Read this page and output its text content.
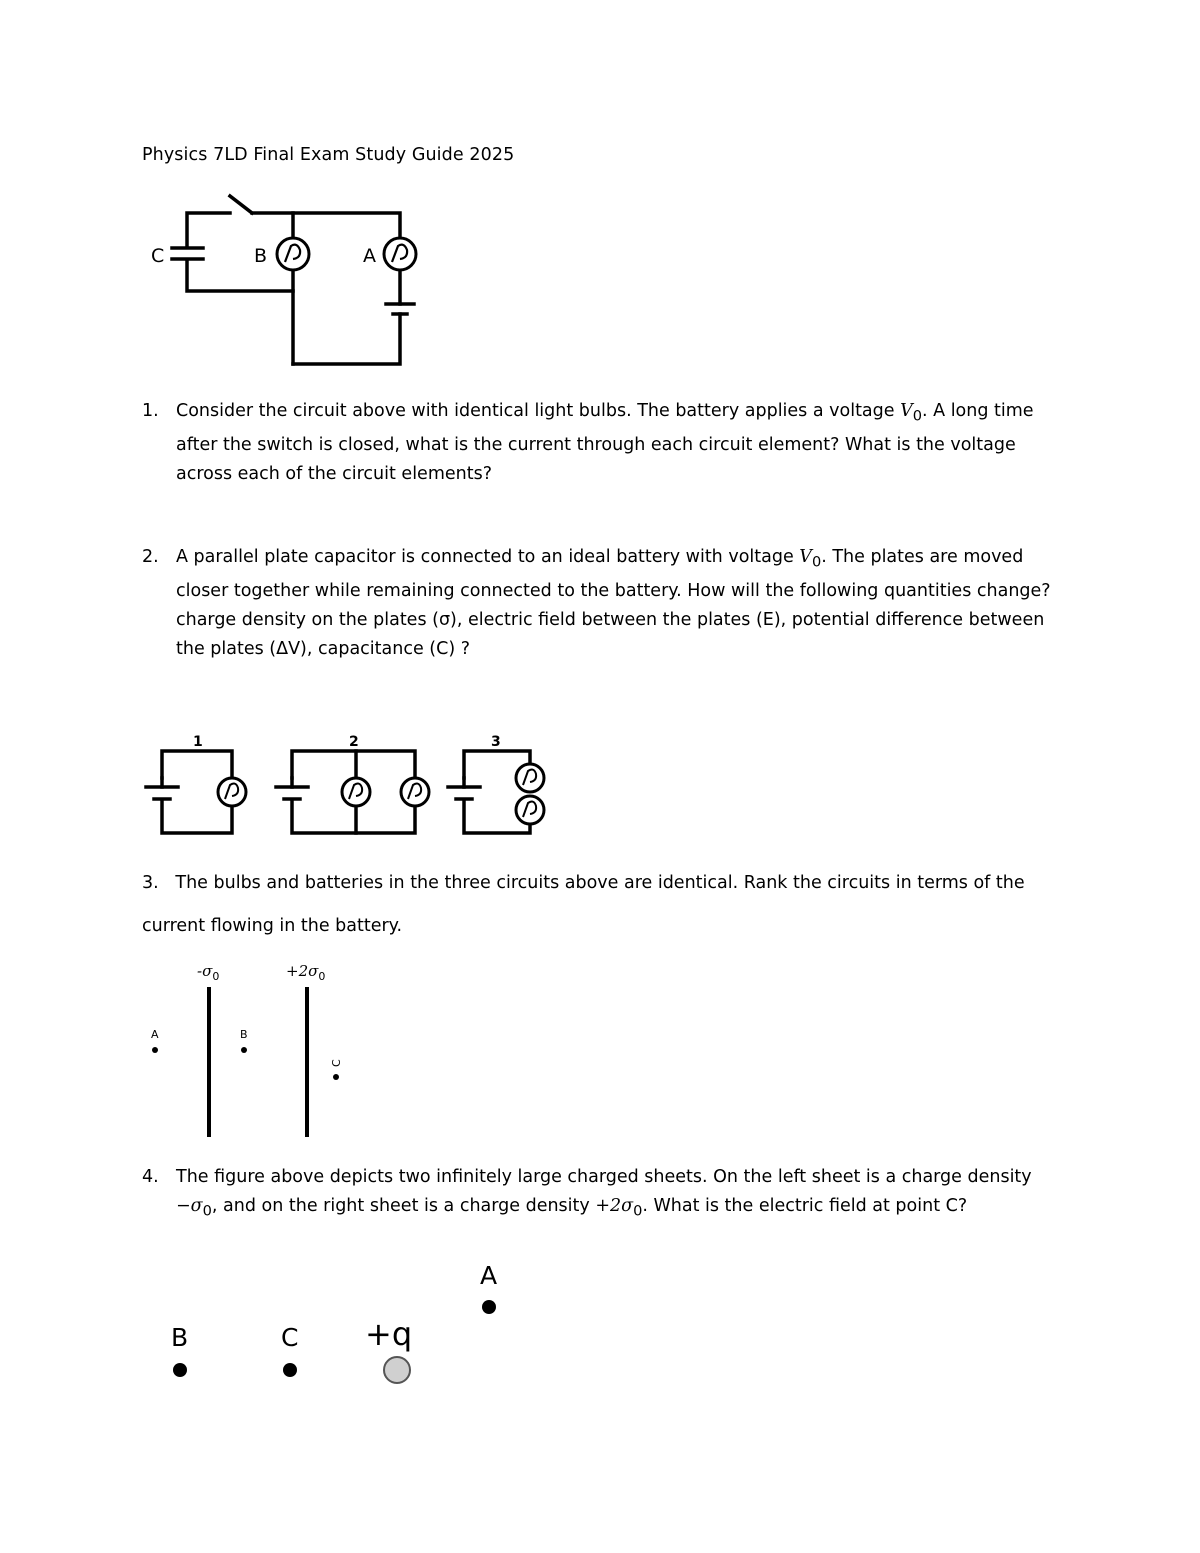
Physics 7LD Final Exam Study Guide 2025
C	B	A
1. Consider the circuit above with identical light bulbs. The battery applies a voltage $V_0$. A long time after the switch is closed, what is the current through each circuit element? What is the voltage across each of the circuit elements?
2. A parallel plate capacitor is connected to an ideal battery with voltage $V_0$. The plates are moved closer together while remaining connected to the battery. How will the following quantities change? charge density on the plates (σ), electric field between the plates (E), potential difference between the plates (ΔV), capacitance (C) ?
1	2	3
3. The bulbs and batteries in the three circuits above are identical. Rank the circuits in terms of the
current flowing in the battery.
$-\sigma_0$	$+2\sigma_0$
A	B
C
4. The figure above depicts two infinitely large charged sheets. On the left sheet is a charge density $-\sigma_0$, and on the right sheet is a charge density $+2\sigma_0$. What is the electric field at point C?
A
B	C +q
